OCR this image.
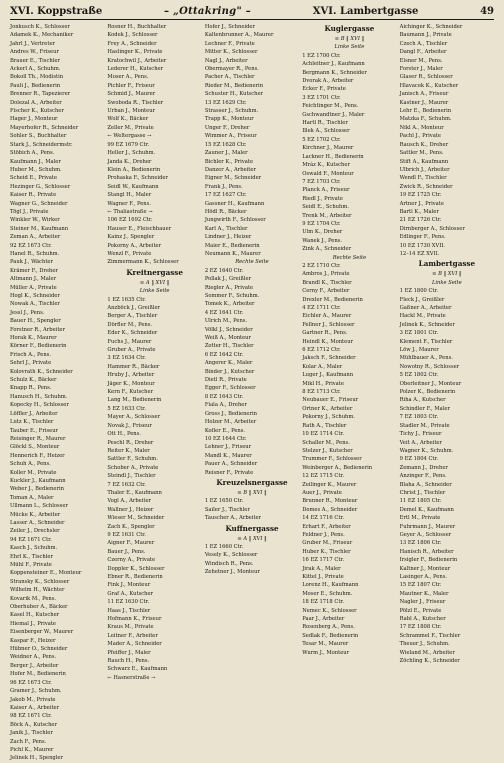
XVI. Koppstraße	– „Ottakring" –	XVI. Lambertgasse	49
Jonkusch K., Schlosser
Adamek K., Mechaniker
Jahrl J., Vertreter
Andres W., Friseur
Brauer E., Tischler
Ackerl A., Schuhm.
Bokoll Th., Modistin
Pauli J., Bedienerin
Brenner R., Tapezierer
Dolezal A., Arbeiter
Fischer K., Kutscher
Hager J., Monteur
Mayerhofer R., Schneider
Sohler S., Buchhalter
Stark J., Schneidermstr.
Stöbich A., Pens.
Kaufmann J., Maler
Huber M., Schuhm.
Scheid E., Private
Hezinger G., Schlosser
Kaiser R., Private
Wagner G., Schneider
Tögl J., Private
Winkler W., Wirker
Steiner M., Kaufmann
Zeman A., Arbeiter
92 EZ 1673 Ctr.
Hanel R., Schuhm.
Pauk J., Wächter
Krämer F., Dreher
Altmann J., Maler
Müller A., Private
Hogl K., Schneider
Nowak A., Tischler
Jessl J., Pens.
Bauer H., Spengler
Forstner R., Arbeiter
Horak K., Maurer
Körner F., Bedienerin
Frisch A., Pens.
Sehrl J., Private
Kolovrath K., Schneider
Schulz K., Bäcker
Knapp R., Pens.
Hanusch H., Schuhm.
Kopecky H., Schlosser
Löffler J., Arbeiter
Lutz K., Tischler
Tauber E., Friseur
Reisinger R., Maurer
Glöckl S., Monteur
Hennerich F., Heizer
Schuh A., Pens.
Koller M., Private
Kuckler J., Kaufmann
Weber J., Bedienerin
Toman A., Maler
Ullmann L., Schlosser
Mücke K., Arbeiter
Lasser A., Schneider
Zeiler J., Drechsler
94 EZ 1671 Ctr.
Kasch J., Schuhm.
Ehrl K., Tischler
Mühl F., Private
Koppensteiner E., Monteur
Stransky K., Schlosser
Wilhelm H., Wächter
Kovarik M., Pens.
Oberhuber A., Bäcker
Kasel H., Kutscher
Hiemal J., Private
Eisenberger W., Maurer
Kaspar F., Heizer
Hübner O., Schneider
Weidner A., Pens.
Berger J., Arbeiter
Hofer M., Bedienerin
96 EZ 1673 Ctr.
Gramer J., Schuhm.
Jakob M., Private
Kaiser A., Arbeiter
98 EZ 1671 Ctr.
Böck A., Kutscher
Janik J., Tischler
Zach F., Pens.
Pichl K., Maurer
Jelinek H., Spengler
Rosner H., Buchhalter
Kodek J., Schlosser
Frey A., Schneider
Haslinger K., Private
Kratochwil J., Arbeiter
Lederer H., Kutscher
Moser A., Pens.
Pichler F., Friseur
Schmid J., Maurer
Swoboda R., Tischler
Urban J., Monteur
Wolf K., Bäcker
Zeller M., Private
← Weltergasse →
99 EZ 1679 Ctr.
Heller J., Schuhm.
Janda K., Dreher
Klein A., Bedienerin
Prohaska F., Schneider
Seidl W., Kaufmann
Stangl H., Maler
Wagner F., Pens.
← Thaliastraße →
106 EZ 1692 Ctr.
Hauser E., Fleischhauer
Kainz J., Spengler
Pokorny A., Arbeiter
Wenzl F., Private
Zimmermann K., Schlosser
Kreitnergasse
≡ A ‖ XVI ‖
Linke Seite
1 EZ 1635 Ctr.
Anzböck J., Greißler
Berger A., Tischler
Dörfler M., Pens.
Eder K., Schneider
Fuchs J., Maurer
Gruber A., Private
3 EZ 1634 Ctr.
Hammer R., Bäcker
Hruby J., Arbeiter
Jäger K., Monteur
Kern F., Kutscher
Lang M., Bedienerin
5 EZ 1633 Ctr.
Mayer A., Schlosser
Novak J., Friseur
Ott H., Pens.
Peschl R., Dreher
Reiter K., Maler
Sattler F., Schuhm.
Schober A., Private
Steindl J., Tischler
7 EZ 1632 Ctr.
Thaler E., Kaufmann
Vogl A., Arbeiter
Wallner J., Heizer
Wieser M., Schneider
Zach K., Spengler
9 EZ 1631 Ctr.
Aigner F., Maurer
Bauer J., Pens.
Czerny A., Private
Doppler K., Schlosser
Ebner R., Bedienerin
Fink J., Monteur
Graf A., Kutscher
11 EZ 1630 Ctr.
Haas J., Tischler
Hofmann K., Friseur
Kraus M., Private
Leitner F., Arbeiter
Mader A., Schneider
Pfeiffer J., Maler
Rauch H., Pens.
Schwarz E., Kaufmann
← Hasnerstraße →
Hofer J., Schneider
Kaltenbrunner A., Maurer
Lechner F., Private
Mitter K., Schlosser
Nagl J., Arbeiter
Obermayer R., Pens.
Pacher A., Tischler
Rieder M., Bedienerin
Schuster H., Kutscher
13 EZ 1629 Ctr.
Strasser J., Schuhm.
Trapp K., Monteur
Unger F., Dreher
Wimmer A., Friseur
15 EZ 1628 Ctr.
Zauner J., Maler
Bichler K., Private
Danzer A., Arbeiter
Eigner M., Schneider
Frank J., Pens.
17 EZ 1627 Ctr.
Gassner H., Kaufmann
Hödl R., Bäcker
Jungwirth F., Schlosser
Karl A., Tischler
Lindner J., Heizer
Maier E., Bedienerin
Neumann K., Maurer
Rechte Seite
2 EZ 1640 Ctr.
Pollak J., Greißler
Riegler A., Private
Sommer F., Schuhm.
Tomek K., Arbeiter
4 EZ 1641 Ctr.
Ulrich M., Pens.
Völkl J., Schneider
Weiß A., Monteur
Zotter H., Tischler
6 EZ 1642 Ctr.
Angerer K., Maler
Binder J., Kutscher
Dietl R., Private
Egger F., Schlosser
8 EZ 1643 Ctr.
Fiala A., Dreher
Gross J., Bedienerin
Holzer M., Arbeiter
Kofler E., Pens.
10 EZ 1644 Ctr.
Lehner J., Friseur
Mandl K., Maurer
Pauer A., Schneider
Reisner F., Private
Kreuzelsnergasse
≡ B ‖ XVI ‖
1 EZ 1650 Ctr.
Sailer J., Tischler
Tauscher A., Arbeiter
Kuffnergasse
≡ A ‖ XVI ‖
1 EZ 1660 Ctr.
Vesely K., Schlosser
Windisch R., Pens.
Zehetner J., Monteur
Kuglergasse
≡ B ‖ XVI ‖
Linke Seite
1 EZ 1700 Ctr.
Achleitner J., Kaufmann
Bergmann K., Schneider
Dvorak A., Arbeiter
Ecker F., Private
3 EZ 1701 Ctr.
Feichtinger M., Pens.
Gschwandtner J., Maler
Hartl R., Tischler
Illek A., Schlosser
5 EZ 1702 Ctr.
Kirchner J., Maurer
Lackner H., Bedienerin
Mráz K., Kutscher
Oswald F., Monteur
7 EZ 1703 Ctr.
Planck A., Friseur
Riedl J., Private
Seidl E., Schuhm.
Trenk M., Arbeiter
9 EZ 1704 Ctr.
Ulm K., Dreher
Wanek J., Pens.
Zink A., Schneider
Rechte Seite
2 EZ 1710 Ctr.
Ambros J., Private
Brandl K., Tischler
Cerny F., Arbeiter
Drexler M., Bedienerin
4 EZ 1711 Ctr.
Eichler A., Maurer
Fellner J., Schlosser
Gartner R., Pens.
Heindl K., Monteur
6 EZ 1712 Ctr.
Jaksch F., Schneider
Kolar A., Maler
Luger J., Kaufmann
Mikl H., Private
8 EZ 1713 Ctr.
Neubauer E., Friseur
Ortner K., Arbeiter
Pokorny J., Schuhm.
Rath A., Tischler
10 EZ 1714 Ctr.
Schaller M., Pens.
Stelzer J., Kutscher
Trummer F., Schlosser
Weinberger A., Bedienerin
12 EZ 1715 Ctr.
Zeilinger K., Maurer
Auer J., Private
Brunner R., Monteur
Domes A., Schneider
14 EZ 1716 Ctr.
Erhart F., Arbeiter
Feldner J., Pens.
Gruber M., Friseur
Huber K., Tischler
16 EZ 1717 Ctr.
Jirak A., Maler
Kittel J., Private
Lorenz H., Kaufmann
Moser E., Schuhm.
18 EZ 1718 Ctr.
Nemec K., Schlosser
Paar J., Arbeiter
Rosenberg A., Pens.
Sedlak F., Bedienerin
Tesar M., Maurer
Wurm J., Monteur
Aichinger K., Schneider
Baumann J., Private
Czech A., Tischler
Dangl F., Arbeiter
Elsner M., Pens.
Forster J., Maler
Glaser R., Schlosser
Hlavacek K., Kutscher
Janisch A., Friseur
Kastner J., Maurer
Lehr E., Bedienerin
Matzka F., Schuhm.
Nikl A., Monteur
Pachl J., Private
Rausch K., Dreher
Sattler M., Pens.
Stift A., Kaufmann
Ulbrich J., Arbeiter
Wendl F., Tischler
Zwick R., Schneider
19 EZ 1725 Ctr.
Artner J., Private
Bartl K., Maler
21 EZ 1726 Ctr.
Dirnberger A., Schlosser
Edlinger F., Pens.
10 EZ 1730 XVII.
12–14 EZ XVII.
Lambertgasse
≡ B ‖ XVI ‖
Linke Seite
1 EZ 1800 Ctr.
Fleck J., Greißler
Gaßner A., Arbeiter
Hackl M., Private
Jelinek K., Schneider
3 EZ 1801 Ctr.
Klement F., Tischler
Löw J., Maurer
Mühlbauer A., Pens.
Nowotny R., Schlosser
5 EZ 1802 Ctr.
Oberleitner J., Monteur
Polzer K., Bedienerin
Riha A., Kutscher
Schindler F., Maler
7 EZ 1803 Ctr.
Stadler M., Private
Tichy J., Friseur
Veit A., Arbeiter
Wagner K., Schuhm.
9 EZ 1804 Ctr.
Zemann J., Dreher
Anzinger F., Pens.
Blaha A., Schneider
Christ J., Tischler
11 EZ 1805 Ctr.
Demel K., Kaufmann
Ertl M., Private
Fuhrmann J., Maurer
Geyer A., Schlosser
13 EZ 1806 Ctr.
Hanisch R., Arbeiter
Irsigler F., Bedienerin
Kaltner J., Monteur
Lasinger A., Pens.
15 EZ 1807 Ctr.
Mautner K., Maler
Nagler J., Friseur
Pölzl E., Private
Rabl A., Kutscher
17 EZ 1808 Ctr.
Schrammel F., Tischler
Theuer J., Schuhm.
Wieland M., Arbeiter
Zöchling K., Schneider
